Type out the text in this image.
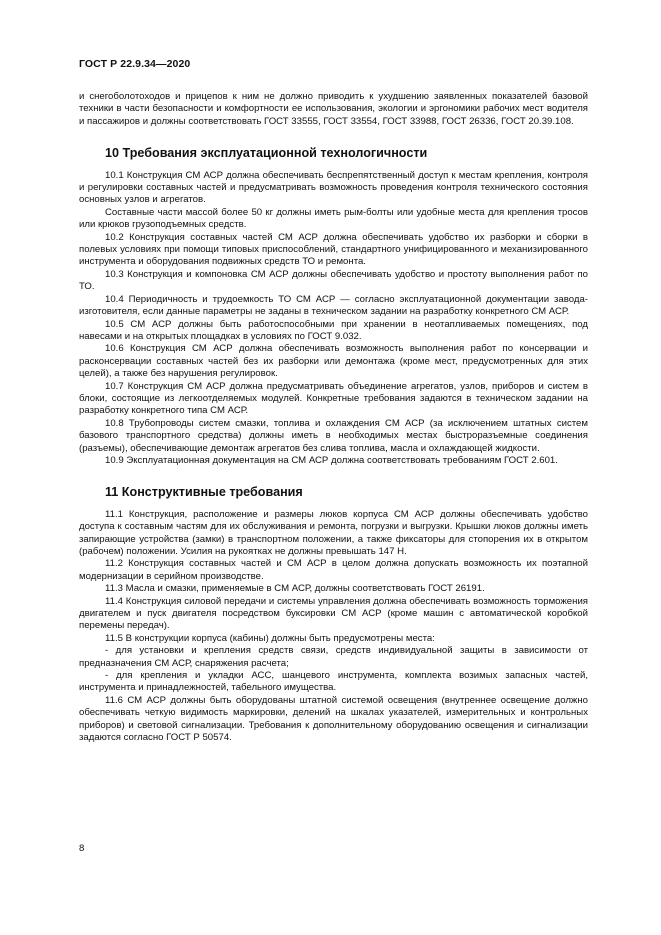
ГОСТ Р 22.9.34—2020

и снегоболотоходов и прицепов к ним не должно приводить к ухудшению заявленных показателей базовой техники в части безопасности и комфортности ее использования, экологии и эргономики рабочих мест водителя и пассажиров и должны соответствовать ГОСТ 33555, ГОСТ 33554, ГОСТ 33988, ГОСТ 26336, ГОСТ 20.39.108.

10 Требования эксплуатационной технологичности

10.1 Конструкция СМ АСР должна обеспечивать беспрепятственный доступ к местам крепления, контроля и регулировки составных частей и предусматривать возможность проведения контроля технического состояния основных узлов и агрегатов.

Составные части массой более 50 кг должны иметь рым-болты или удобные места для крепления тросов или крюков грузоподъемных средств.

10.2 Конструкция составных частей СМ АСР должна обеспечивать удобство их разборки и сборки в полевых условиях при помощи типовых приспособлений, стандартного унифицированного и механизированного инструмента и оборудования подвижных средств ТО и ремонта.

10.3 Конструкция и компоновка СМ АСР должны обеспечивать удобство и простоту выполнения работ по ТО.

10.4 Периодичность и трудоемкость ТО СМ АСР — согласно эксплуатационной документации завода-изготовителя, если данные параметры не заданы в техническом задании на разработку конкретного СМ АСР.

10.5 СМ АСР должны быть работоспособными при хранении в неотапливаемых помещениях, под навесами и на открытых площадках в условиях по ГОСТ 9.032.

10.6 Конструкция СМ АСР должна обеспечивать возможность выполнения работ по консервации и расконсервации составных частей без их разборки или демонтажа (кроме мест, предусмотренных для этих целей), а также без нарушения регулировок.

10.7 Конструкция СМ АСР должна предусматривать объединение агрегатов, узлов, приборов и систем в блоки, состоящие из легкоотделяемых модулей. Конкретные требования задаются в техническом задании на разработку конкретного типа СМ АСР.

10.8 Трубопроводы систем смазки, топлива и охлаждения СМ АСР (за исключением штатных систем базового транспортного средства) должны иметь в необходимых местах быстроразъемные соединения (разъемы), обеспечивающие демонтаж агрегатов без слива топлива, масла и охлаждающей жидкости.

10.9 Эксплуатационная документация на СМ АСР должна соответствовать требованиям ГОСТ 2.601.

11 Конструктивные требования

11.1 Конструкция, расположение и размеры люков корпуса СМ АСР должны обеспечивать удобство доступа к составным частям для их обслуживания и ремонта, погрузки и выгрузки. Крышки люков должны иметь запирающие устройства (замки) в транспортном положении, а также фиксаторы для стопорения их в открытом (рабочем) положении. Усилия на рукоятках не должны превышать 147 Н.

11.2 Конструкция составных частей и СМ АСР в целом должна допускать возможность их поэтапной модернизации в серийном производстве.

11.3 Масла и смазки, применяемые в СМ АСР, должны соответствовать ГОСТ 26191.

11.4 Конструкция силовой передачи и системы управления должна обеспечивать возможность торможения двигателем и пуск двигателя посредством буксировки СМ АСР (кроме машин с автоматической коробкой перемены передач).

11.5 В конструкции корпуса (кабины) должны быть предусмотрены места:

- для установки и крепления средств связи, средств индивидуальной защиты в зависимости от предназначения СМ АСР, снаряжения расчета;

- для крепления и укладки АСС, шанцевого инструмента, комплекта возимых запасных частей, инструмента и принадлежностей, табельного имущества.

11.6 СМ АСР должны быть оборудованы штатной системой освещения (внутреннее освещение должно обеспечивать четкую видимость маркировки, делений на шкалах указателей, измерительных и контрольных приборов) и световой сигнализации. Требования к дополнительному оборудованию освещения и сигнализации задаются согласно ГОСТ Р 50574.

8
